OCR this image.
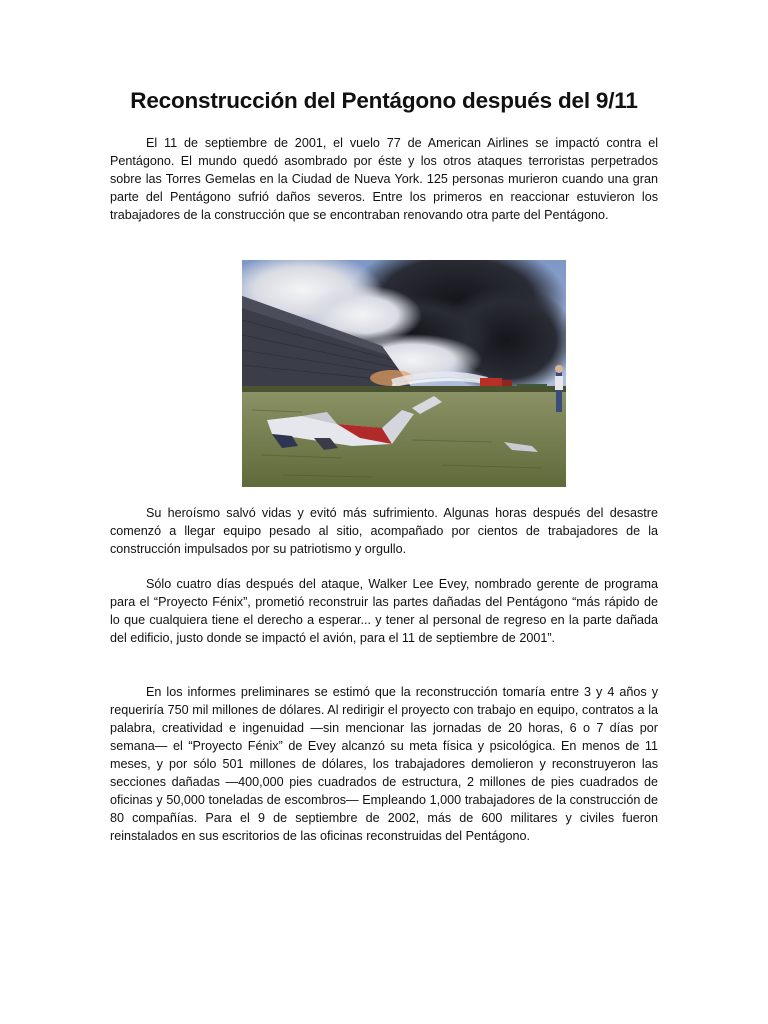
Reconstrucción del Pentágono después del 9/11

El 11 de septiembre de 2001, el vuelo 77 de American Airlines se impactó contra el Pentágono. El mundo quedó asombrado por éste y los otros ataques terroristas perpetrados sobre las Torres Gemelas en la Ciudad de Nueva York. 125 personas murieron cuando una gran parte del Pentágono sufrió daños severos. Entre los primeros en reaccionar estuvieron los trabajadores de la construcción que se encontraban renovando otra parte del Pentágono.

Su heroísmo salvó vidas y evitó más sufrimiento. Algunas horas después del desastre comenzó a llegar equipo pesado al sitio, acompañado por cientos de trabajadores de la construcción impulsados por su patriotismo y orgullo.

Sólo cuatro días después del ataque, Walker Lee Evey, nombrado gerente de programa para el “Proyecto Fénix”, prometió reconstruir las partes dañadas del Pentágono “más rápido de lo que cualquiera tiene el derecho a esperar... y tener al personal de regreso en la parte dañada del edificio, justo donde se impactó el avión, para el 11 de septiembre de 2001”.

En los informes preliminares se estimó que la reconstrucción tomaría entre 3 y 4 años y requeriría 750 mil millones de dólares. Al redirigir el proyecto con trabajo en equipo, contratos a la palabra, creatividad e ingenuidad —sin mencionar las jornadas de 20 horas, 6 o 7 días por semana— el “Proyecto Fénix” de Evey alcanzó su meta física y psicológica. En menos de 11 meses, y por sólo 501 millones de dólares, los trabajadores demolieron y reconstruyeron las secciones dañadas —400,000 pies cuadrados de estructura, 2 millones de pies cuadrados de oficinas y 50,000 toneladas de escombros— Empleando 1,000 trabajadores de la construcción de 80 compañías. Para el 9 de septiembre de 2002, más de 600 militares y civiles fueron reinstalados en sus escritorios de las oficinas reconstruidas del Pentágono.
